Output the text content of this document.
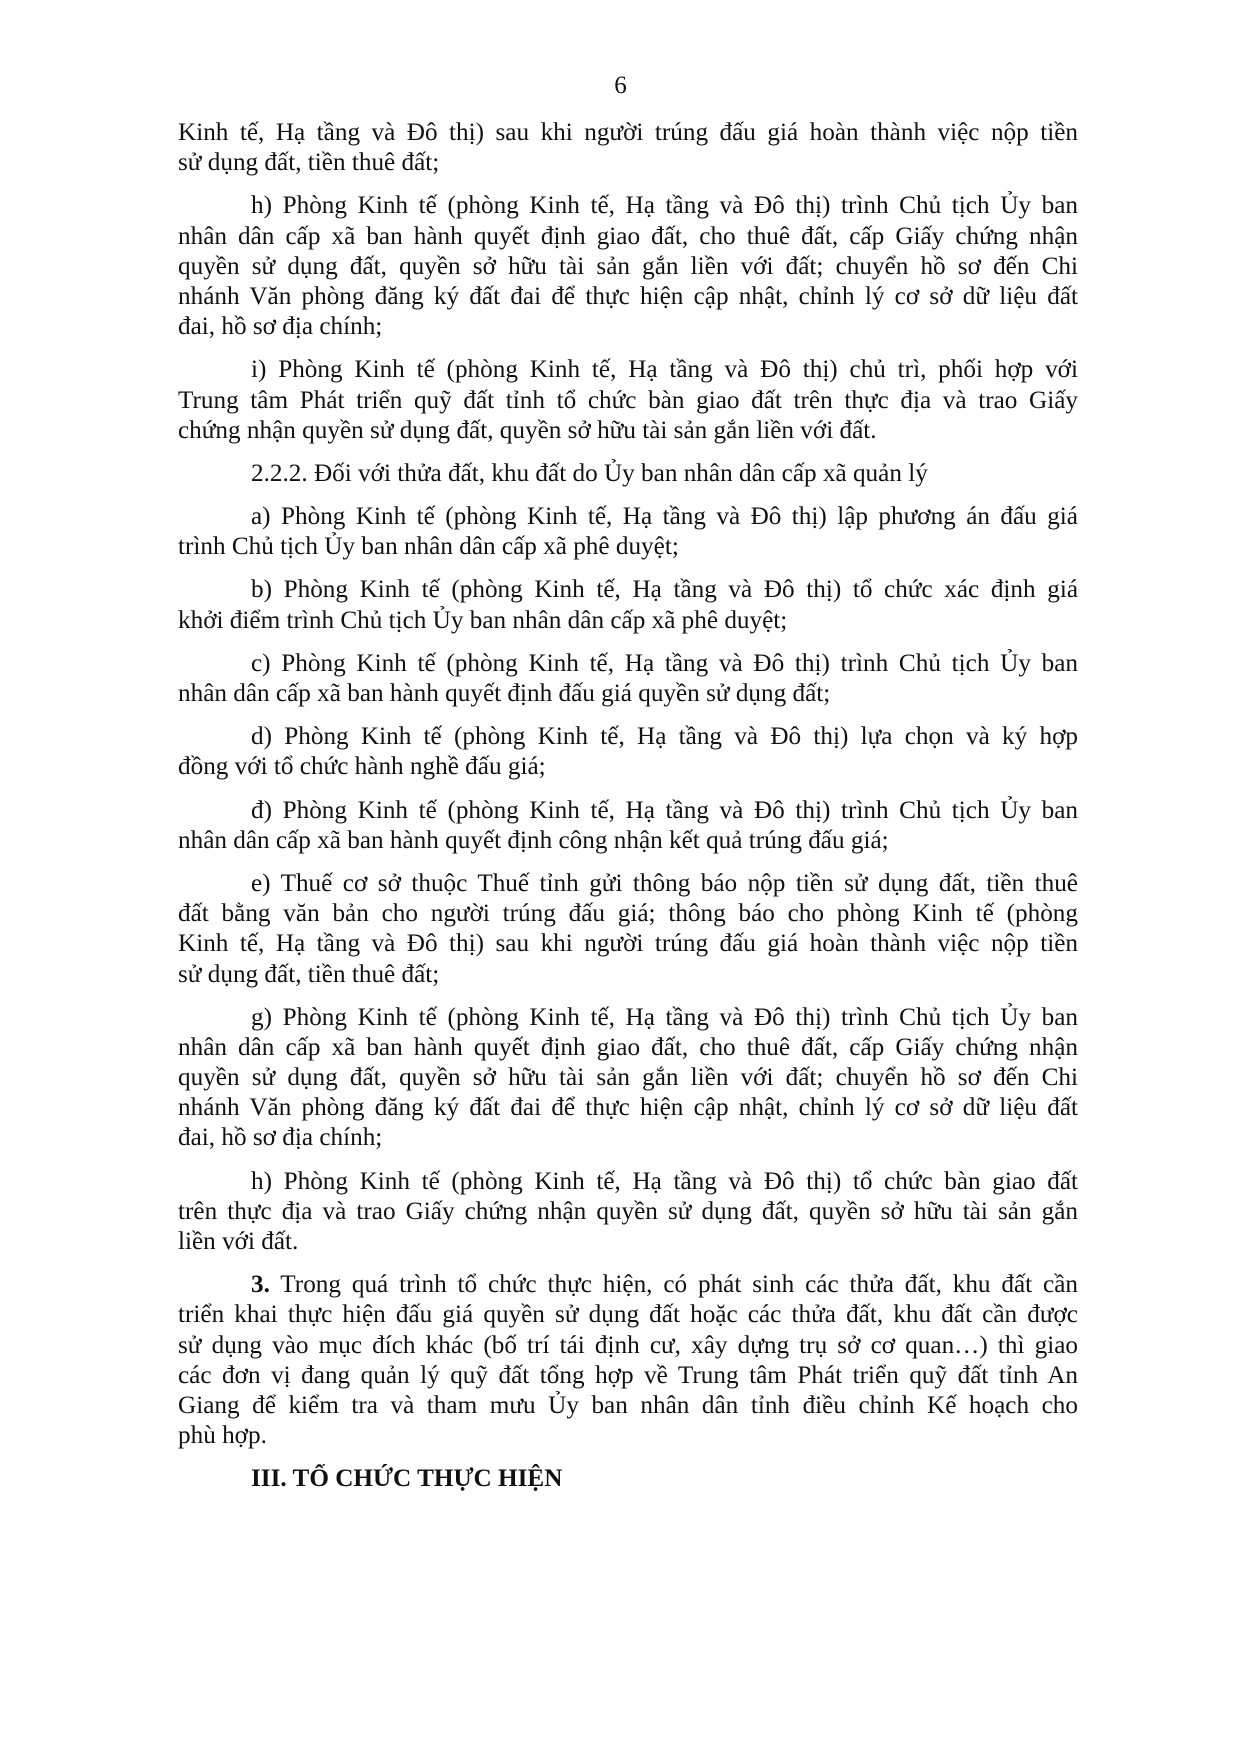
6
Kinh tế, Hạ tầng và Đô thị) sau khi người trúng đấu giá hoàn thành việc nộp tiền
sử dụng đất, tiền thuê đất;
h) Phòng Kinh tế (phòng Kinh tế, Hạ tầng và Đô thị) trình Chủ tịch Ủy ban
nhân dân cấp xã ban hành quyết định giao đất, cho thuê đất, cấp Giấy chứng nhận
quyền sử dụng đất, quyền sở hữu tài sản gắn liền với đất; chuyển hồ sơ đến Chi
nhánh Văn phòng đăng ký đất đai để thực hiện cập nhật, chỉnh lý cơ sở dữ liệu đất
đai, hồ sơ địa chính;
i) Phòng Kinh tế (phòng Kinh tế, Hạ tầng và Đô thị) chủ trì, phối hợp với
Trung tâm Phát triển quỹ đất tỉnh tổ chức bàn giao đất trên thực địa và trao Giấy
chứng nhận quyền sử dụng đất, quyền sở hữu tài sản gắn liền với đất.
2.2.2. Đối với thửa đất, khu đất do Ủy ban nhân dân cấp xã quản lý
a) Phòng Kinh tế (phòng Kinh tế, Hạ tầng và Đô thị) lập phương án đấu giá
trình Chủ tịch Ủy ban nhân dân cấp xã phê duyệt;
b) Phòng Kinh tế (phòng Kinh tế, Hạ tầng và Đô thị) tổ chức xác định giá
khởi điểm trình Chủ tịch Ủy ban nhân dân cấp xã phê duyệt;
c) Phòng Kinh tế (phòng Kinh tế, Hạ tầng và Đô thị) trình Chủ tịch Ủy ban
nhân dân cấp xã ban hành quyết định đấu giá quyền sử dụng đất;
d) Phòng Kinh tế (phòng Kinh tế, Hạ tầng và Đô thị) lựa chọn và ký hợp
đồng với tổ chức hành nghề đấu giá;
đ) Phòng Kinh tế (phòng Kinh tế, Hạ tầng và Đô thị) trình Chủ tịch Ủy ban
nhân dân cấp xã ban hành quyết định công nhận kết quả trúng đấu giá;
e) Thuế cơ sở thuộc Thuế tỉnh gửi thông báo nộp tiền sử dụng đất, tiền thuê
đất bằng văn bản cho người trúng đấu giá; thông báo cho phòng Kinh tế (phòng
Kinh tế, Hạ tầng và Đô thị) sau khi người trúng đấu giá hoàn thành việc nộp tiền
sử dụng đất, tiền thuê đất;
g) Phòng Kinh tế (phòng Kinh tế, Hạ tầng và Đô thị) trình Chủ tịch Ủy ban
nhân dân cấp xã ban hành quyết định giao đất, cho thuê đất, cấp Giấy chứng nhận
quyền sử dụng đất, quyền sở hữu tài sản gắn liền với đất; chuyển hồ sơ đến Chi
nhánh Văn phòng đăng ký đất đai để thực hiện cập nhật, chỉnh lý cơ sở dữ liệu đất
đai, hồ sơ địa chính;
h) Phòng Kinh tế (phòng Kinh tế, Hạ tầng và Đô thị) tổ chức bàn giao đất
trên thực địa và trao Giấy chứng nhận quyền sử dụng đất, quyền sở hữu tài sản gắn
liền với đất.
3. Trong quá trình tổ chức thực hiện, có phát sinh các thửa đất, khu đất cần
triển khai thực hiện đấu giá quyền sử dụng đất hoặc các thửa đất, khu đất cần được
sử dụng vào mục đích khác (bố trí tái định cư, xây dựng trụ sở cơ quan…) thì giao
các đơn vị đang quản lý quỹ đất tổng hợp về Trung tâm Phát triển quỹ đất tỉnh An
Giang để kiểm tra và tham mưu Ủy ban nhân dân tỉnh điều chỉnh Kế hoạch cho
phù hợp.
III. TỔ CHỨC THỰC HIỆN
